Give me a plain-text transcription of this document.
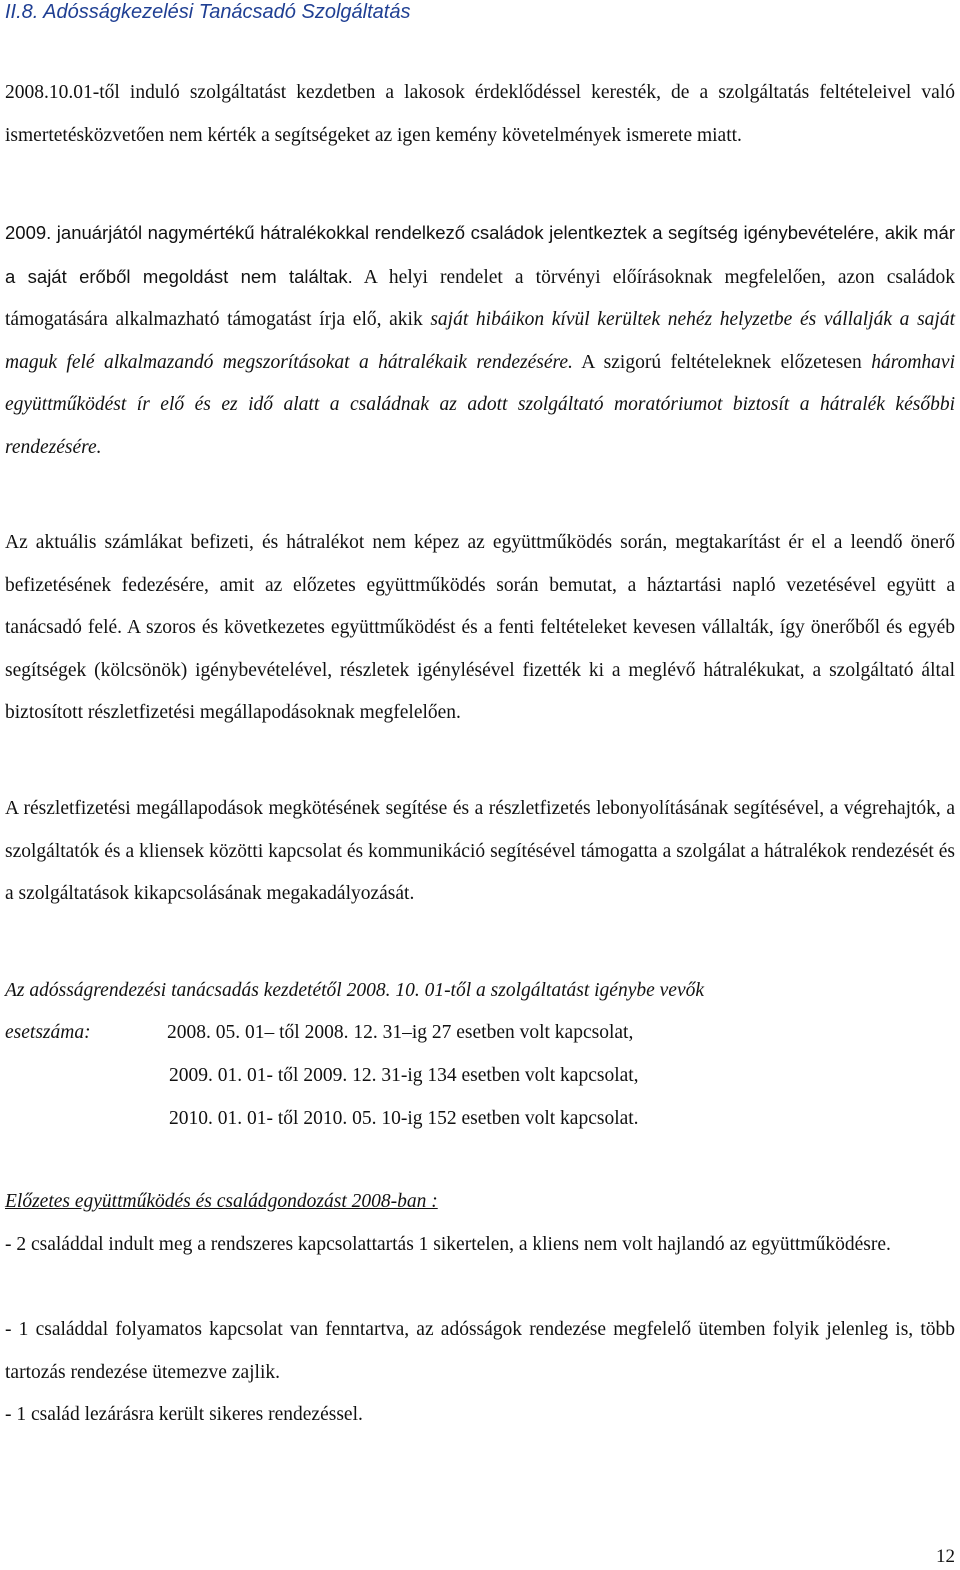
II.8. Adósságkezelési Tanácsadó Szolgáltatás
2008.10.01-től induló szolgáltatást kezdetben a lakosok érdeklődéssel keresték, de a szolgáltatás feltételeivel való ismertetésközvetően nem kérték a segítségeket az igen kemény követelmények ismerete miatt.
2009. januárjától nagymértékű hátralékokkal rendelkező családok jelentkeztek a segítség igénybevételére, akik már a saját erőből megoldást nem találtak. A helyi rendelet a törvényi előírásoknak megfelelően, azon családok támogatására alkalmazható támogatást írja elő, akik saját hibáikon kívül kerültek nehéz helyzetbe és vállalják a saját maguk felé alkalmazandó megszorításokat a hátralékaik rendezésére. A szigorú feltételeknek előzetesen háromhavi együttműködést ír elő és ez idő alatt a családnak az adott szolgáltató moratóriumot biztosít a hátralék későbbi rendezésére.
Az aktuális számlákat befizeti, és hátralékot nem képez az együttműködés során, megtakarítást ér el a leendő önerő befizetésének fedezésére, amit az előzetes együttműködés során bemutat, a háztartási napló vezetésével együtt a tanácsadó felé. A szoros és következetes együttműködést és a fenti feltételeket kevesen vállalták, így önerőből és egyéb segítségek (kölcsönök) igénybevételével, részletek igénylésével fizették ki a meglévő hátralékukat, a szolgáltató által biztosított részletfizetési megállapodásoknak megfelelően.
A részletfizetési megállapodások megkötésének segítése és a részletfizetés lebonyolításának segítésével, a végrehajtók, a szolgáltatók és a kliensek közötti kapcsolat és kommunikáció segítésével támogatta a szolgálat a hátralékok rendezését és a szolgáltatások kikapcsolásának megakadályozását.
Az adósságrendezési tanácsadás kezdetétől 2008. 10. 01-től a szolgáltatást igénybe vevők
esetszáma:	2008. 05. 01– től 2008. 12. 31–ig 27 esetben volt kapcsolat,
2009. 01. 01- től 2009. 12. 31-ig 134 esetben volt kapcsolat,
2010. 01. 01- től 2010. 05. 10-ig 152 esetben volt kapcsolat.
Előzetes együttműködés és családgondozást 2008-ban :
- 2 családdal indult meg a rendszeres kapcsolattartás 1 sikertelen, a kliens nem volt hajlandó az együttműködésre.
- 1 családdal folyamatos kapcsolat van fenntartva, az adósságok rendezése megfelelő ütemben folyik jelenleg is, több tartozás rendezése ütemezve zajlik.
- 1 család lezárásra került sikeres rendezéssel.
12
